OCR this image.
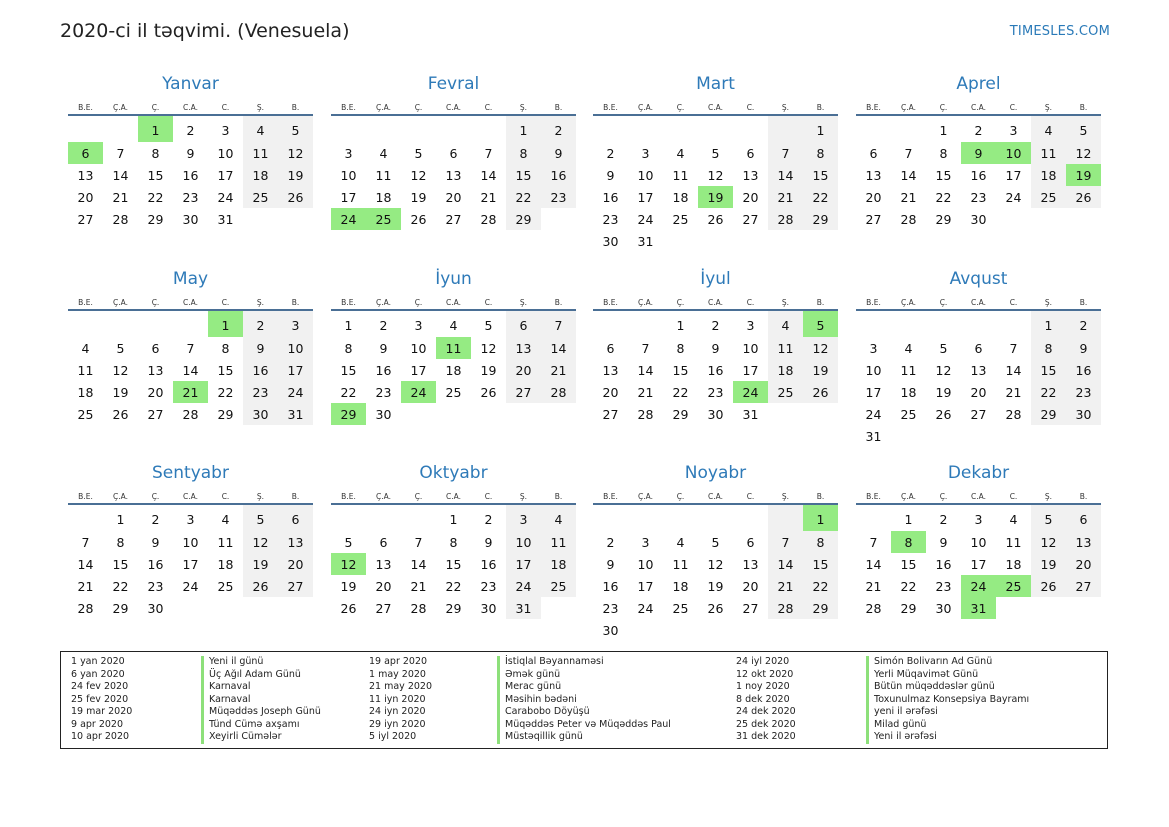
2020-ci il təqvimi. (Venesuela)	TIMESLES.COM
Yanvar
B.E.	Ç.A.	Ç.	C.A.	C.	Ş.	B.
		1	2	3	4	5
6	7	8	9	10	11	12
13	14	15	16	17	18	19
20	21	22	23	24	25	26
27	28	29	30	31		
Fevral
B.E.	Ç.A.	Ç.	C.A.	C.	Ş.	B.
					1	2
3	4	5	6	7	8	9
10	11	12	13	14	15	16
17	18	19	20	21	22	23
24	25	26	27	28	29	
Mart
B.E.	Ç.A.	Ç.	C.A.	C.	Ş.	B.
						1
2	3	4	5	6	7	8
9	10	11	12	13	14	15
16	17	18	19	20	21	22
23	24	25	26	27	28	29
30	31					
Aprel
B.E.	Ç.A.	Ç.	C.A.	C.	Ş.	B.
		1	2	3	4	5
6	7	8	9	10	11	12
13	14	15	16	17	18	19
20	21	22	23	24	25	26
27	28	29	30			
May
B.E.	Ç.A.	Ç.	C.A.	C.	Ş.	B.
				1	2	3
4	5	6	7	8	9	10
11	12	13	14	15	16	17
18	19	20	21	22	23	24
25	26	27	28	29	30	31
İyun
B.E.	Ç.A.	Ç.	C.A.	C.	Ş.	B.
1	2	3	4	5	6	7
8	9	10	11	12	13	14
15	16	17	18	19	20	21
22	23	24	25	26	27	28
29	30					
İyul
B.E.	Ç.A.	Ç.	C.A.	C.	Ş.	B.
		1	2	3	4	5
6	7	8	9	10	11	12
13	14	15	16	17	18	19
20	21	22	23	24	25	26
27	28	29	30	31		
Avqust
B.E.	Ç.A.	Ç.	C.A.	C.	Ş.	B.
					1	2
3	4	5	6	7	8	9
10	11	12	13	14	15	16
17	18	19	20	21	22	23
24	25	26	27	28	29	30
31						
Sentyabr
B.E.	Ç.A.	Ç.	C.A.	C.	Ş.	B.
	1	2	3	4	5	6
7	8	9	10	11	12	13
14	15	16	17	18	19	20
21	22	23	24	25	26	27
28	29	30				
Oktyabr
B.E.	Ç.A.	Ç.	C.A.	C.	Ş.	B.
			1	2	3	4
5	6	7	8	9	10	11
12	13	14	15	16	17	18
19	20	21	22	23	24	25
26	27	28	29	30	31	
Noyabr
B.E.	Ç.A.	Ç.	C.A.	C.	Ş.	B.
						1
2	3	4	5	6	7	8
9	10	11	12	13	14	15
16	17	18	19	20	21	22
23	24	25	26	27	28	29
30						
Dekabr
B.E.	Ç.A.	Ç.	C.A.	C.	Ş.	B.
	1	2	3	4	5	6
7	8	9	10	11	12	13
14	15	16	17	18	19	20
21	22	23	24	25	26	27
28	29	30	31			
1 yan 2020	Yeni il günü
6 yan 2020	Üç Ağıl Adam Günü
24 fev 2020	Karnaval
25 fev 2020	Karnaval
19 mar 2020	Müqəddəs Joseph Günü
9 apr 2020	Tünd Cümə axşamı
10 apr 2020	Xeyirli Cümələr
19 apr 2020	İstiqlal Bəyannaməsi
1 may 2020	Əmək günü
21 may 2020	Merac günü
11 iyn 2020	Məsihin bədəni
24 iyn 2020	Carabobo Döyüşü
29 iyn 2020	Müqəddəs Peter və Müqəddəs Paul
5 iyl 2020	Müstəqillik günü
24 iyl 2020	Simón Bolivarın Ad Günü
12 okt 2020	Yerli Müqavimət Günü
1 noy 2020	Bütün müqəddəslər günü
8 dek 2020	Toxunulmaz Konsepsiya Bayramı
24 dek 2020	yeni il ərəfəsi
25 dek 2020	Milad günü
31 dek 2020	Yeni il ərəfəsi
